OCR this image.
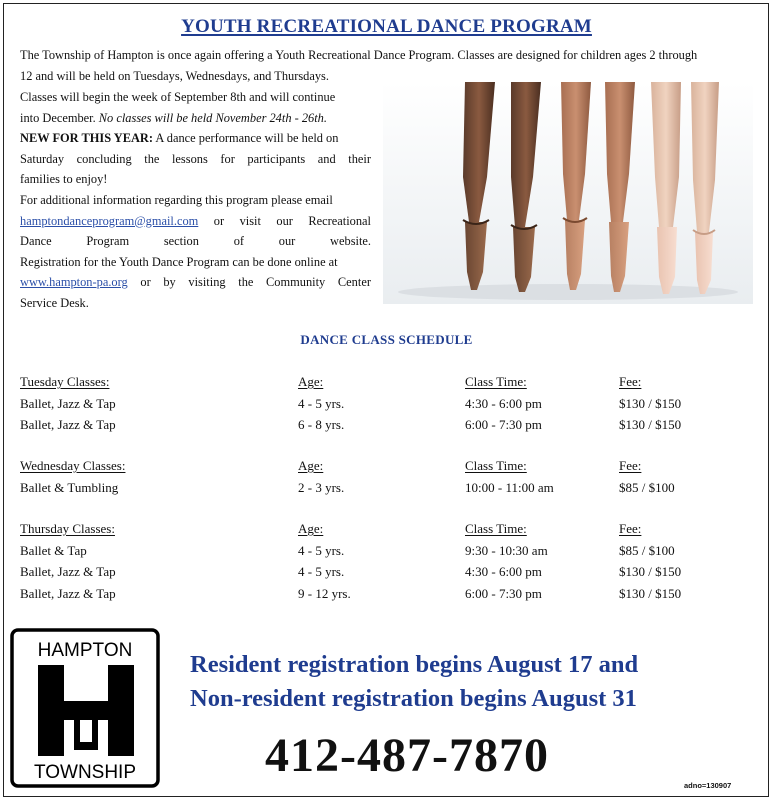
YOUTH RECREATIONAL DANCE PROGRAM
The Township of Hampton is once again offering a Youth Recreational Dance Program. Classes are designed for children ages 2 through
12 and will be held on Tuesdays, Wednesdays, and Thursdays.
Classes will begin the week of September 8th and will continue
into December. No classes will be held November 24th - 26th.
NEW FOR THIS YEAR: A dance performance will be held on
Saturday concluding the lessons for participants and their
families to enjoy!
For additional information regarding this program please email
hamptondanceprogram@gmail.com or visit our Recreational
Dance	Program	section	of	our	website.
Registration for the Youth Dance Program can be done online at
www.hampton-pa.org or by visiting the Community Center
Service Desk.
DANCE CLASS SCHEDULE
Tuesday Classes:	Age:	Class Time:	Fee:
Ballet, Jazz & Tap	4 - 5 yrs.	4:30 - 6:00 pm	$130 / $150
Ballet, Jazz & Tap	6 - 8 yrs.	6:00 - 7:30 pm	$130 / $150
Wednesday Classes:	Age:	Class Time:	Fee:
Ballet & Tumbling	2 - 3 yrs.	10:00 - 11:00 am	$85 / $100
Thursday Classes:	Age:	Class Time:	Fee:
Ballet & Tap	4 - 5 yrs.	9:30 - 10:30 am	$85 / $100
Ballet, Jazz & Tap	4 - 5 yrs.	4:30 - 6:00 pm	$130 / $150
Ballet, Jazz & Tap	9 - 12 yrs.	6:00 - 7:30 pm	$130 / $150
HAMPTON
TOWNSHIP
Resident registration begins August 17 and
Non-resident registration begins August 31
412-487-7870
adno=130907
